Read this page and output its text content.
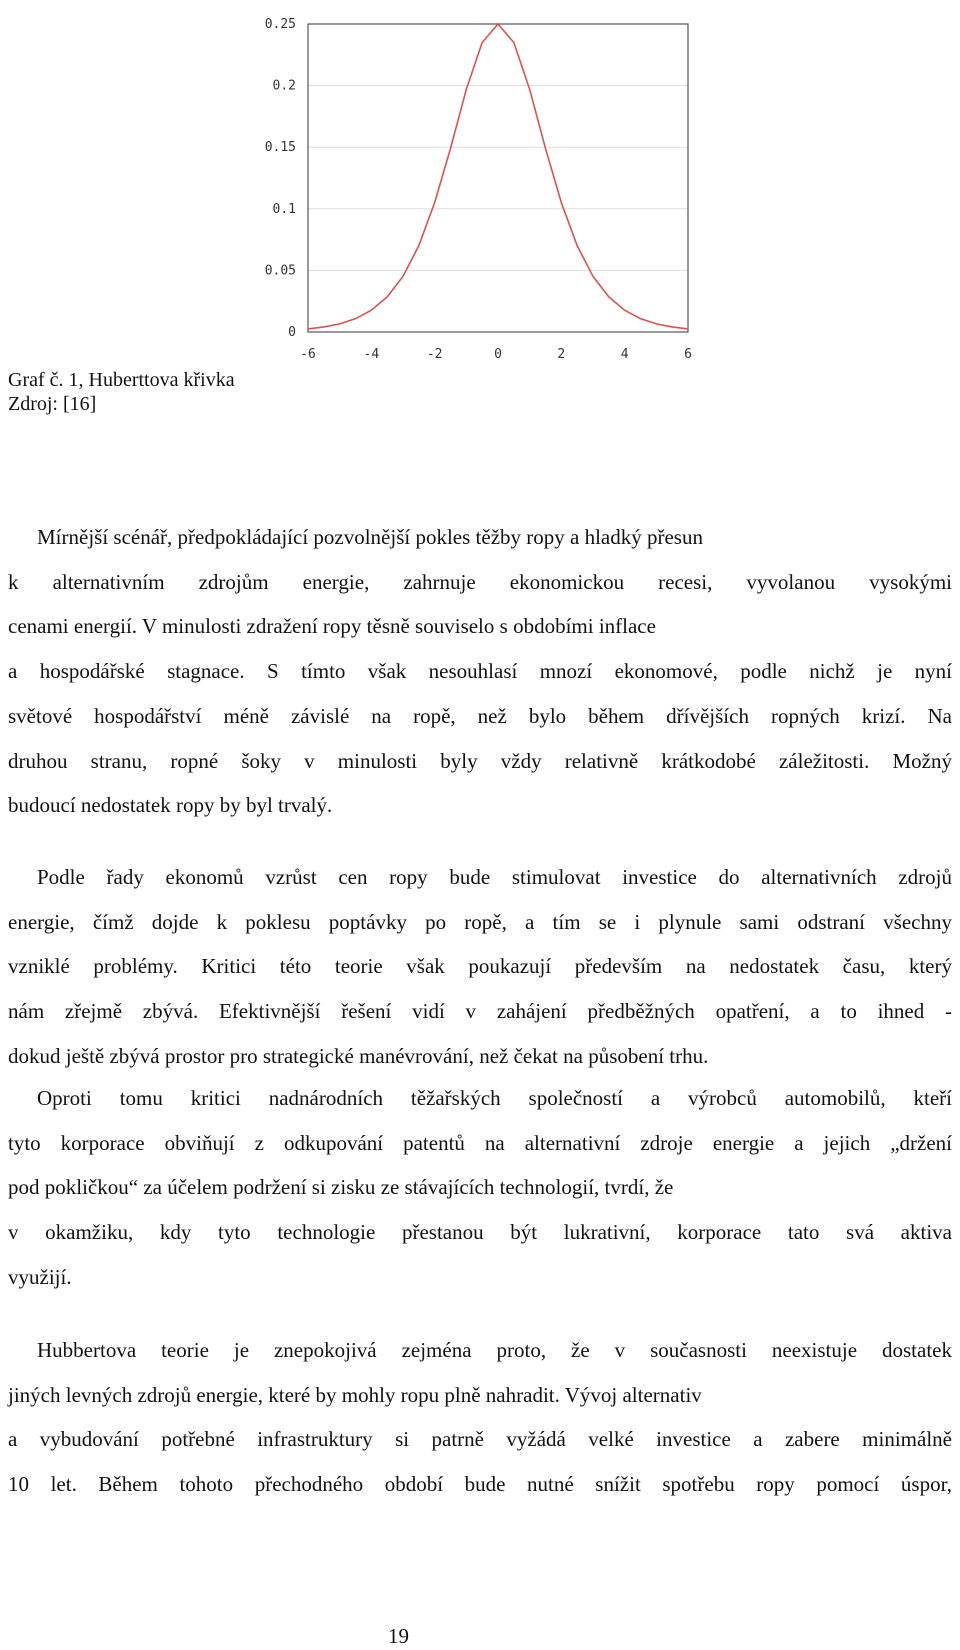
0
0.05
0.1
0.15
0.2
0.25
-6	-4	-2	0	2	4	6
Graf č. 1, Huberttova křivka
Zdroj: [16]
Mírnější scénář, předpokládající pozvolnější pokles těžby ropy a hladký přesun
k alternativním zdrojům energie, zahrnuje ekonomickou recesi, vyvolanou vysokými
cenami energií. V minulosti zdražení ropy těsně souviselo s obdobími inflace
a hospodářské stagnace. S tímto však nesouhlasí mnozí ekonomové, podle nichž je nyní
světové hospodářství méně závislé na ropě, než bylo během dřívějších ropných krizí. Na
druhou stranu, ropné šoky v minulosti byly vždy relativně krátkodobé záležitosti. Možný
budoucí nedostatek ropy by byl trvalý.
Podle řady ekonomů vzrůst cen ropy bude stimulovat investice do alternativních zdrojů
energie, čímž dojde k poklesu poptávky po ropě, a tím se i plynule sami odstraní všechny
vzniklé problémy. Kritici této teorie však poukazují především na nedostatek času, který
nám zřejmě zbývá. Efektivnější řešení vidí v zahájení předběžných opatření, a to ihned -
dokud ještě zbývá prostor pro strategické manévrování, než čekat na působení trhu.
Oproti tomu kritici nadnárodních těžařských společností a výrobců automobilů, kteří
tyto korporace obviňují z odkupování patentů na alternativní zdroje energie a jejich „držení
pod pokličkou“ za účelem podržení si zisku ze stávajících technologií, tvrdí, že
v okamžiku, kdy tyto technologie přestanou být lukrativní, korporace tato svá aktiva
využijí.
Hubbertova teorie je znepokojivá zejména proto, že v současnosti neexistuje dostatek
jiných levných zdrojů energie, které by mohly ropu plně nahradit. Vývoj alternativ
a vybudování potřebné infrastruktury si patrně vyžádá velké investice a zabere minimálně
10 let. Během tohoto přechodného období bude nutné snížit spotřebu ropy pomocí úspor,
19
